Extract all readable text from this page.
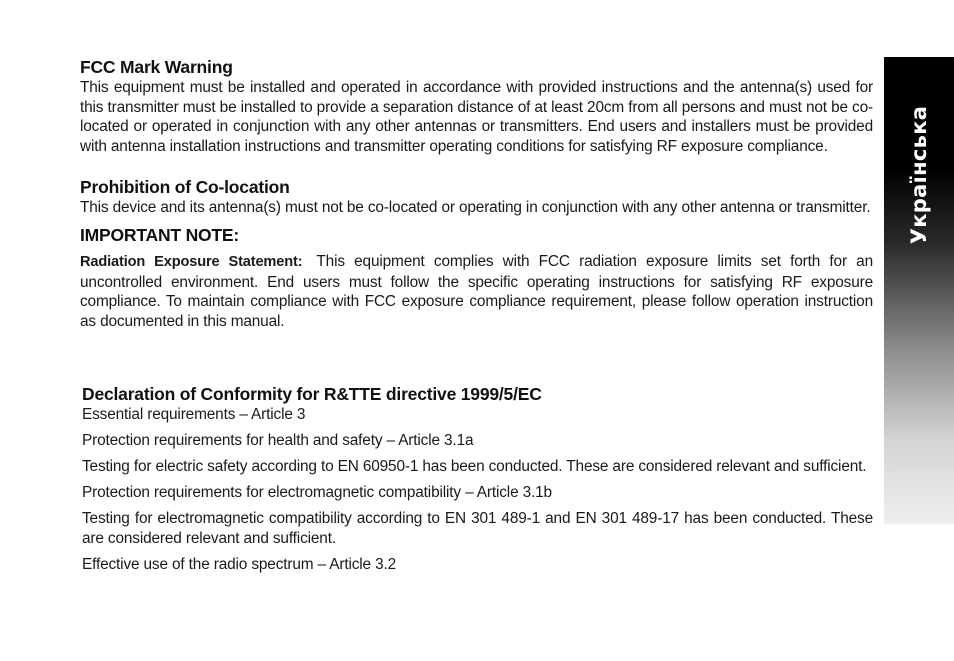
FCC Mark Warning

This equipment must be installed and operated in accordance with provided instructions and the antenna(s) used for this transmitter must be installed to provide a separation distance of at least 20cm from all persons and must not be co-located or operated in conjunction with any other antennas or transmitters. End users and installers must be provided with antenna installation instructions and transmitter operating conditions for satisfying RF exposure compliance.

Prohibition of Co-location

This device and its antenna(s) must not be co-located or operating in conjunction with any other antenna or transmitter.

IMPORTANT NOTE:

Radiation Exposure Statement: This equipment complies with FCC radiation exposure limits set forth for an uncontrolled environment. End users must follow the specific operating instructions for satisfying RF exposure compliance. To maintain compliance with FCC exposure compliance requirement, please follow operation instruction as documented in this manual.

Declaration of Conformity for R&TTE directive 1999/5/EC

Essential requirements – Article 3

Protection requirements for health and safety – Article 3.1a

Testing for electric safety according to EN 60950-1 has been conducted. These are considered relevant and sufficient.

Protection requirements for electromagnetic compatibility – Article 3.1b

Testing for electromagnetic compatibility according to EN 301 489-1 and EN 301 489-17 has been conducted. These are considered relevant and sufficient.

Effective use of the radio spectrum – Article 3.2

Українська
